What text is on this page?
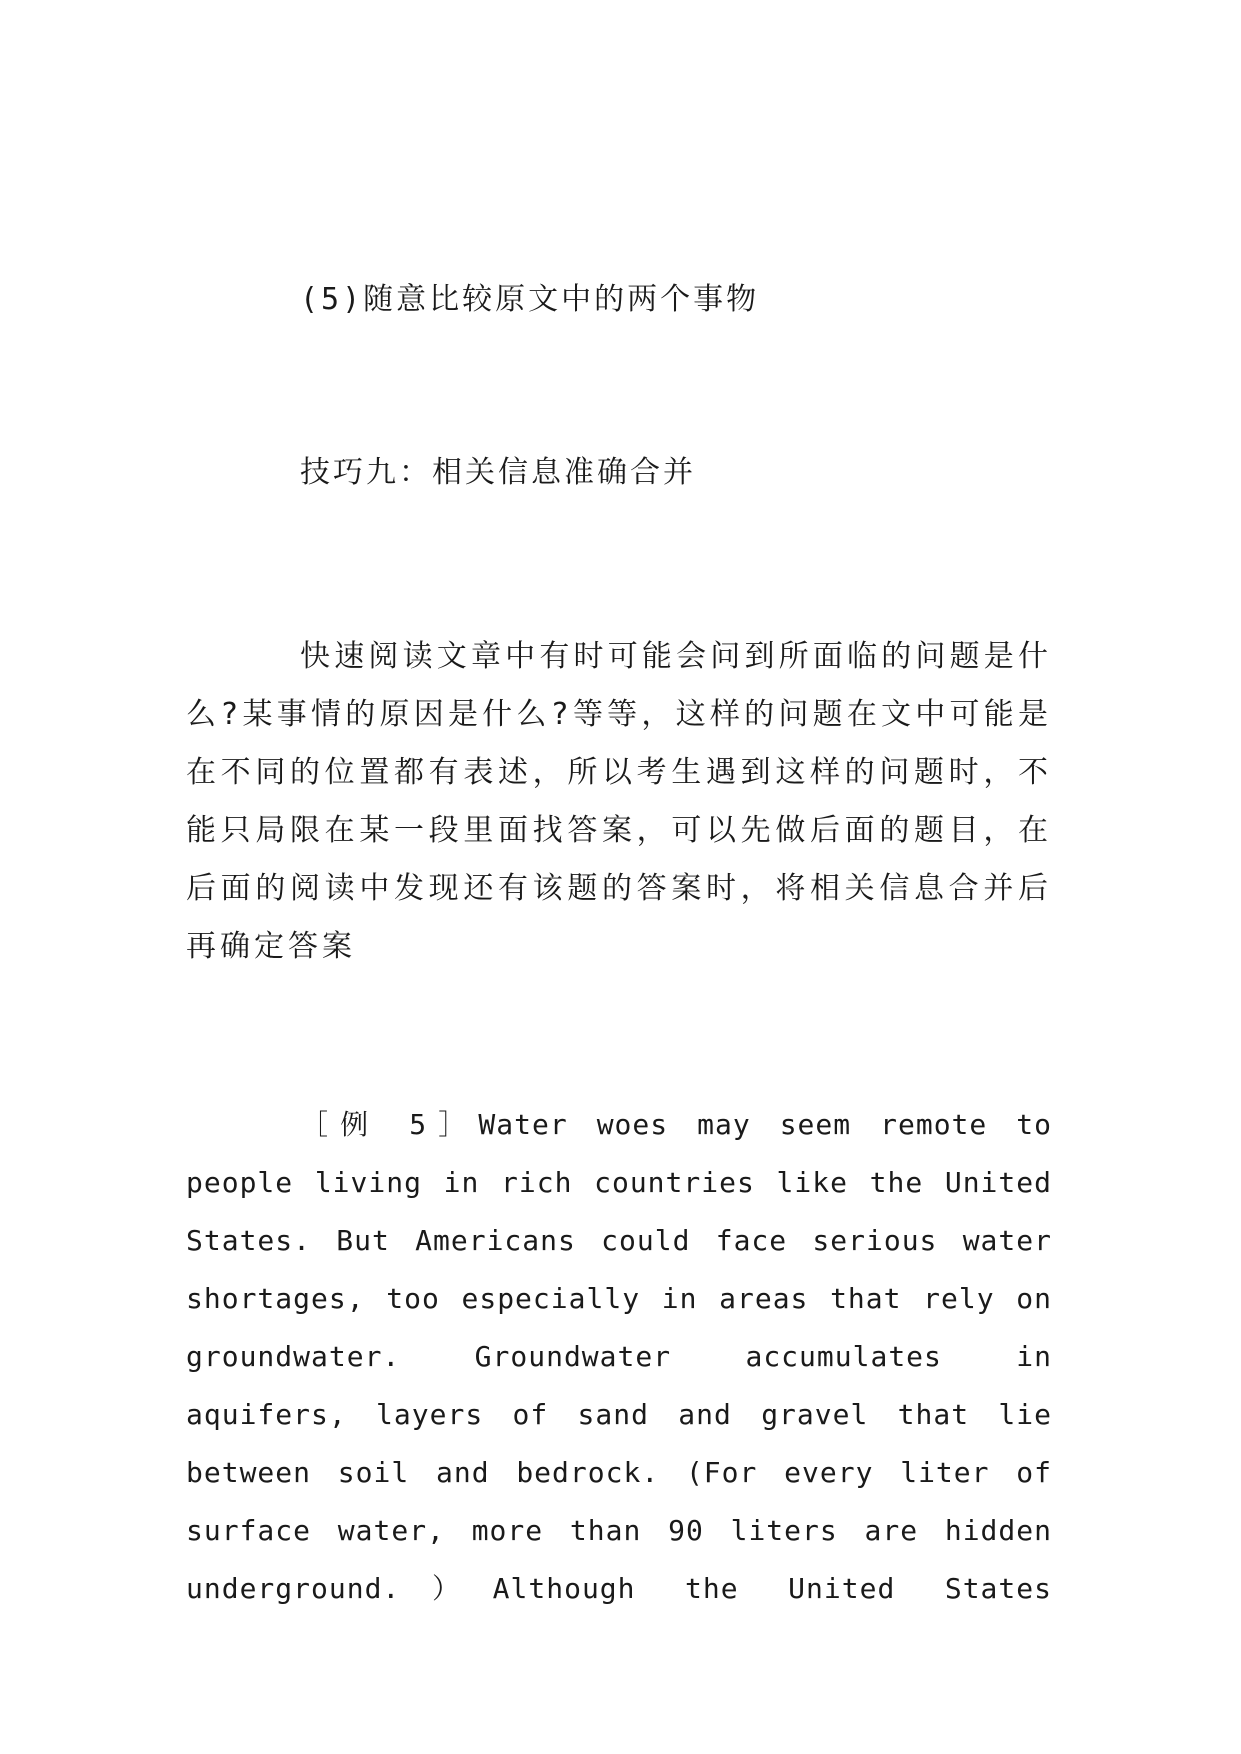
(5)随意比较原文中的两个事物
技巧九：相关信息准确合并

快速阅读文章中有时可能会问到所面临的问题是什么?某事情的原因是什么?等等，这样的问题在文中可能是在不同的位置都有表述，所以考生遇到这样的问题时，不能只局限在某一段里面找答案，可以先做后面的题目，在后面的阅读中发现还有该题的答案时，将相关信息合并后再确定答案

［例 5］Water woes may seem remote to people living in rich countries like the United States. But Americans could face serious water shortages, too especially in areas that rely on groundwater. Groundwater accumulates in aquifers, layers of sand and gravel that lie between soil and bedrock. (For every liter of surface water, more than 90 liters are hidden underground.）Although the United States
